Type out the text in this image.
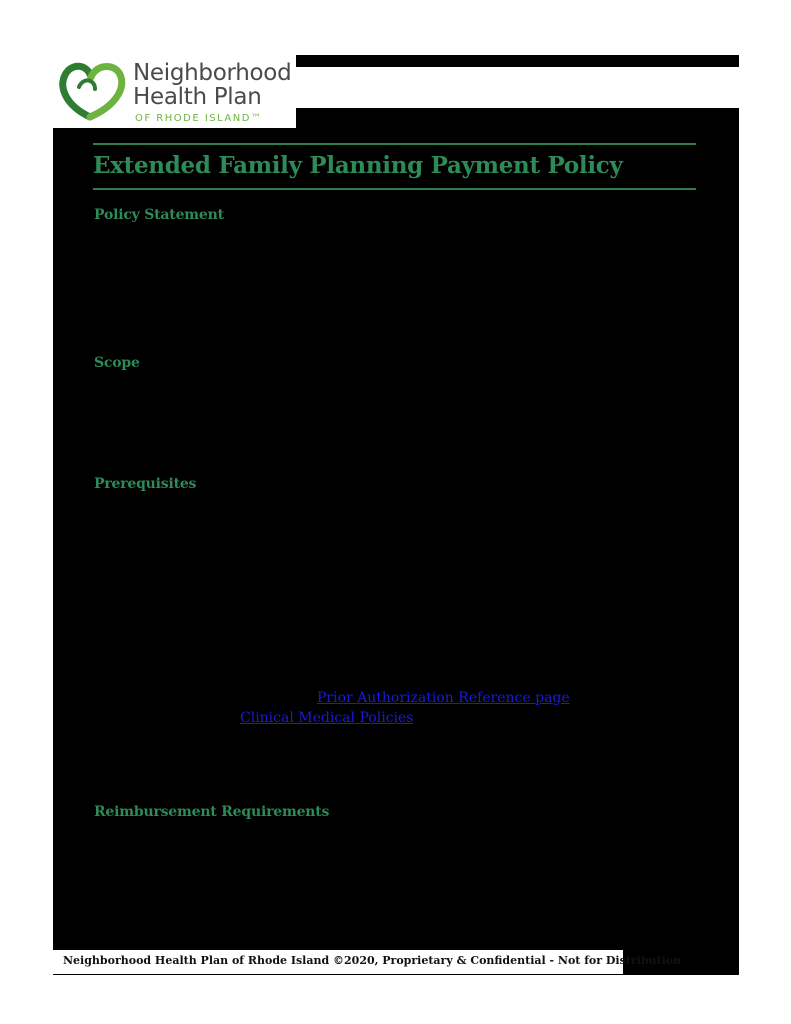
Neighborhood
Health Plan
OF RHODE ISLAND™
Extended Family Planning Payment Policy
Policy Statement
Scope
Prerequisites
Prior Authorization Reference page
Clinical Medical Policies
Reimbursement Requirements
Neighborhood Health Plan of Rhode Island ©2020, Proprietary & Confidential - Not for Distribution
